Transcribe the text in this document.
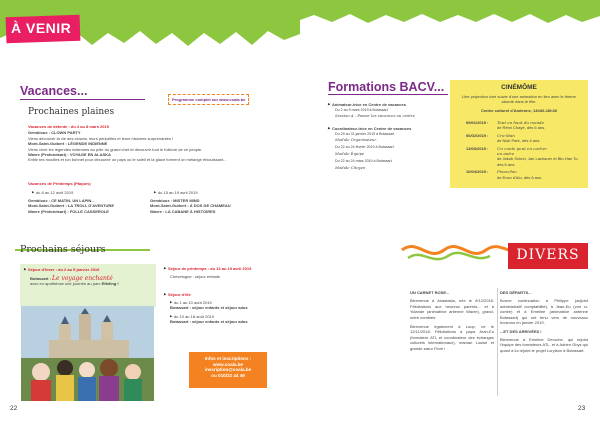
À VENIR
Vacances...
Programme complet sur www.coala.be
Prochaines plaines
Vacances de détente : du 4 au 8 mars 2019
Gembloux : CLOWN PARTY
Viens découvrir la vie des clowns, leurs péripéties et leurs histoires surprenantes !
Mont-Saint-Guibert : LÉGENDE INDIENNE
Viens vivre les légendes indiennes au pôle du grand chef et découvrir tout le folklore de ce peuple.
Wavre (Profondsart) : VOYAGE EN ALASKA
Enfile tes moufles et ton bonnet pour découvrir un pays où le soleil et la glace forment un mélange éblouissant...
Vacances de Printemps (Pâques)
▶ du 8 au 12 avril 2019
▶	du 15 au 19 avril 2019
Gembloux : CE MATIN, UN LAPIN...
Mont-Saint-Guibert : LA TROLL D'AVENTURE
Wavre (Profondsart) : FOLLE CASSEROLE
Gembloux : MISTER MIND
Mont-Saint-Guibert : À DOS DE CHAMEAU
Wavre : LA CABANE À HISTOIRES
Prochains séjours
▶ Séjour d'hiver : du 2 au 5 janvier 2019
Botassart : Le voyage enchanté
avec en apothéose une journée au parc Efteling !
▶ Séjour de printemps : du 13 au 19 avril 2019
Chevetogne : séjour enfants
▶ Séjour d'été
▶ du 1 au 10 août 2019
Botassart : séjour enfants et séjour ados
▶ du 10 au 18 août 2019
Botassart : séjour enfants et séjour ados
Infos et inscriptions :
www.coala.be
inscription@coala.be
ou 010/22 44 49
22
Formations BACV...
▶ Animateur-trice en Centre de vacances
Du 2 au 9 mars 2019 à Botassart
Session A : Passer les vacances au centre
▶ Coordinateur-trice en Centre de vacances
Du 29 au 31 janvier 2019 à Botassart
Module Organisateur
Du 22 au 24 février 2019 à Botassart
Module Équipe
Du 22 au 24 mars 2019 à Botassart
Module Citoyen
CINÉMÔME
Une projection ciné suivie d'une animation en lien avec le thème abordé dans le film.
Centre culturel d'Andenne, 14h30-16h30
09/01/2019 :	Tout en haut du monde
de Rémi Chayé, dès 6 ans.
06/02/2019 :	Cro-Man
de Nick Park, dès 6 ans.
13/03/2019 :	Un conte peut en cacher
un autre
de Jakob Schuh, Jan Lachauer et Bin-Han To, dès 6 ans.
10/04/2019 :	Pinocchio
de Enzo d'Alo, dès 6 ans.
DIVERS
UN CARNET ROSE...
Bienvenue à Anastasia, née le 9/12/2018. Félicitations aux heureux parents... et à Yolande (animatrice antenne Wavre), grand-mère comblée.
Bienvenue également à Loup, né le 12/11/2018. Félicitations à papa Jean-Eu (formateur ATL et coordinateur des échanges culturels internationaux), maman Louise et grande sœur Flore !
DES DÉPARTS...
Bonne continuation à Philippe (adjoint administratif comptabilité), à Jean-Eu (voir ci-contre) et à Emeline (animatrice antenne Botassart) qui ont tenu vers de nouveaux horizons en janvier 2019.
...ET DES ARRIVÉES !
Bienvenue à Emeline Deroche, qui rejoint l'équipe des formateurs ATL, et à Adrien Ghys qui quant à lui rejoint le projet Lorylson à Botassart.
23
